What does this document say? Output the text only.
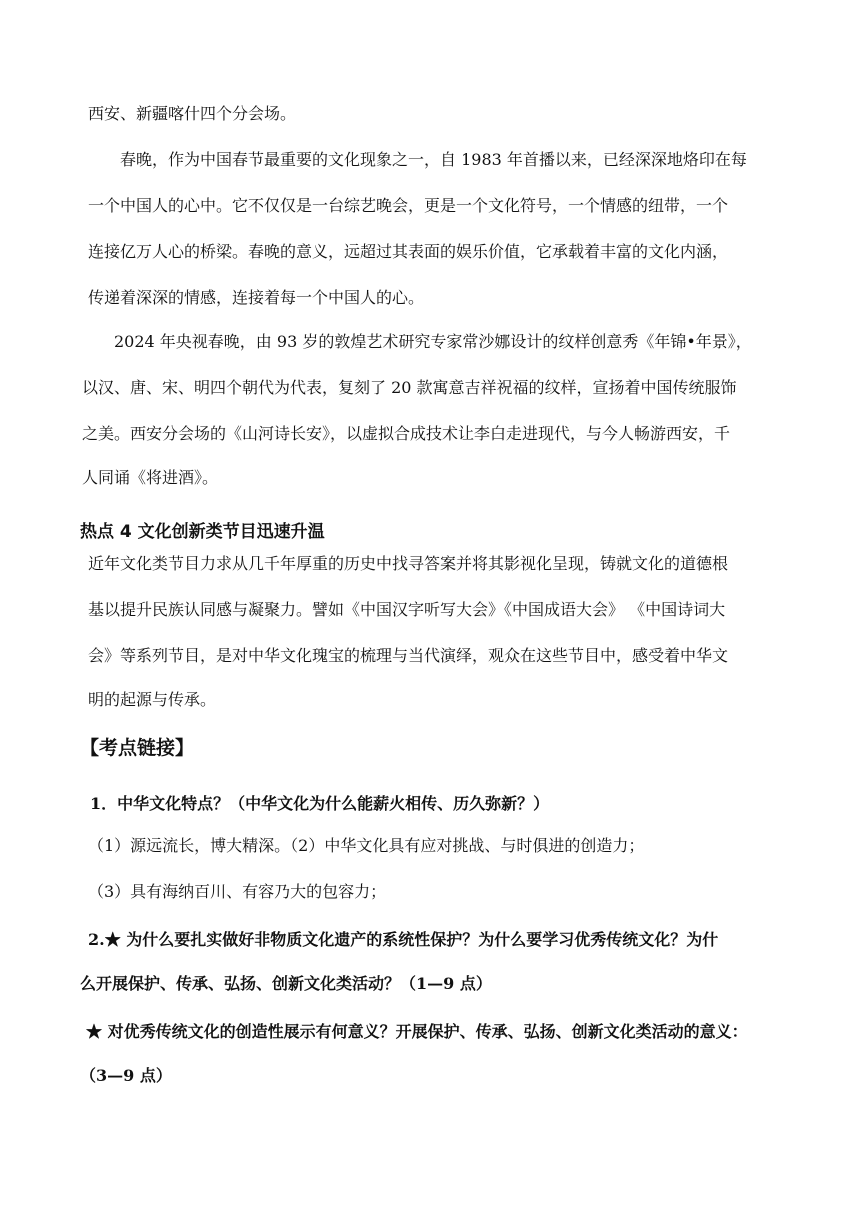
西安、新疆喀什四个分会场。
春晚，作为中国春节最重要的文化现象之一，自 1983 年首播以来，已经深深地烙印在每
一个中国人的心中。它不仅仅是一台综艺晚会，更是一个文化符号，一个情感的纽带，一个
连接亿万人心的桥梁。春晚的意义，远超过其表面的娱乐价值，它承载着丰富的文化内涵，
传递着深深的情感，连接着每一个中国人的心。
2024 年央视春晚，由 93 岁的敦煌艺术研究专家常沙娜设计的纹样创意秀《年锦•年景》，
以汉、唐、宋、明四个朝代为代表，复刻了 20 款寓意吉祥祝福的纹样，宣扬着中国传统服饰
之美。西安分会场的《山河诗长安》，以虚拟合成技术让李白走进现代，与今人畅游西安，千
人同诵《将进酒》。
热点 4 文化创新类节目迅速升温
近年文化类节目力求从几千年厚重的历史中找寻答案并将其影视化呈现，铸就文化的道德根
基以提升民族认同感与凝聚力。譬如《中国汉字听写大会》《中国成语大会》 《中国诗词大
会》等系列节目，是对中华文化瑰宝的梳理与当代演绎，观众在这些节目中，感受着中华文
明的起源与传承。
【考点链接】
1．中华文化特点？（中华文化为什么能薪火相传、历久弥新？）
（1）源远流长，博大精深。（2）中华文化具有应对挑战、与时俱进的创造力；
（3）具有海纳百川、有容乃大的包容力；
2.★ 为什么要扎实做好非物质文化遗产的系统性保护？为什么要学习优秀传统文化？为什
么开展保护、传承、弘扬、创新文化类活动？（1—9 点）
★ 对优秀传统文化的创造性展示有何意义？开展保护、传承、弘扬、创新文化类活动的意义：
（3—9 点）
